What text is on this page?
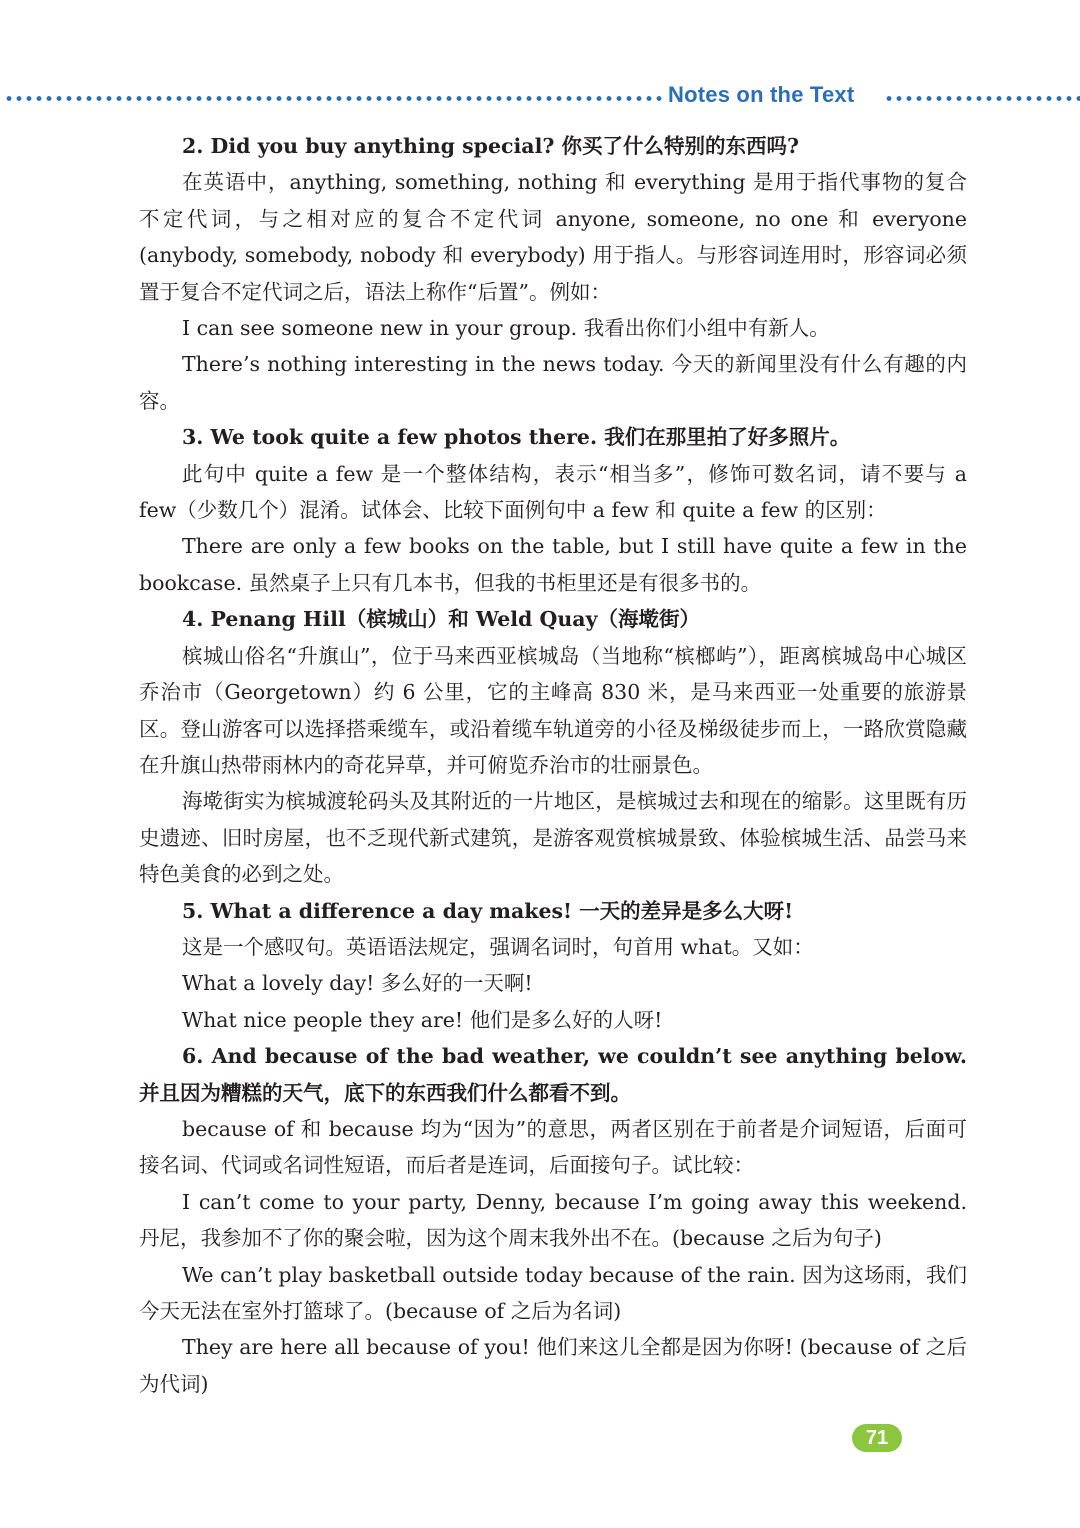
Notes on the Text

2. Did you buy anything special? 你买了什么特别的东西吗?

在英语中，anything, something, nothing 和 everything 是用于指代事物的复合不定代词，与之相对应的复合不定代词 anyone, someone, no one 和 everyone (anybody, somebody, nobody 和 everybody) 用于指人。与形容词连用时，形容词必须置于复合不定代词之后，语法上称作“后置”。例如：

I can see someone new in your group. 我看出你们小组中有新人。

There’s nothing interesting in the news today. 今天的新闻里没有什么有趣的内容。

3. We took quite a few photos there. 我们在那里拍了好多照片。

此句中 quite a few 是一个整体结构，表示“相当多”，修饰可数名词，请不要与 a few（少数几个）混淆。试体会、比较下面例句中 a few 和 quite a few 的区别：

There are only a few books on the table, but I still have quite a few in the bookcase. 虽然桌子上只有几本书，但我的书柜里还是有很多书的。

4. Penang Hill（槟城山）和 Weld Quay（海墘街）

槟城山俗名“升旗山”，位于马来西亚槟城岛（当地称“槟榔屿”），距离槟城岛中心城区乔治市（Georgetown）约 6 公里，它的主峰高 830 米，是马来西亚一处重要的旅游景区。登山游客可以选择搭乘缆车，或沿着缆车轨道旁的小径及梯级徒步而上，一路欣赏隐藏在升旗山热带雨林内的奇花异草，并可俯览乔治市的壮丽景色。

海墘街实为槟城渡轮码头及其附近的一片地区，是槟城过去和现在的缩影。这里既有历史遗迹、旧时房屋，也不乏现代新式建筑，是游客观赏槟城景致、体验槟城生活、品尝马来特色美食的必到之处。

5. What a difference a day makes! 一天的差异是多么大呀!

这是一个感叹句。英语语法规定，强调名词时，句首用 what。又如：

What a lovely day! 多么好的一天啊!

What nice people they are! 他们是多么好的人呀!

6. And because of the bad weather, we couldn’t see anything below. 并且因为糟糕的天气，底下的东西我们什么都看不到。

because of 和 because 均为“因为”的意思，两者区别在于前者是介词短语，后面可接名词、代词或名词性短语，而后者是连词，后面接句子。试比较：

I can’t come to your party, Denny, because I’m going away this weekend. 丹尼，我参加不了你的聚会啦，因为这个周末我外出不在。(because 之后为句子)

We can’t play basketball outside today because of the rain. 因为这场雨，我们今天无法在室外打篮球了。(because of 之后为名词)

They are here all because of you! 他们来这儿全都是因为你呀! (because of 之后为代词)

71
